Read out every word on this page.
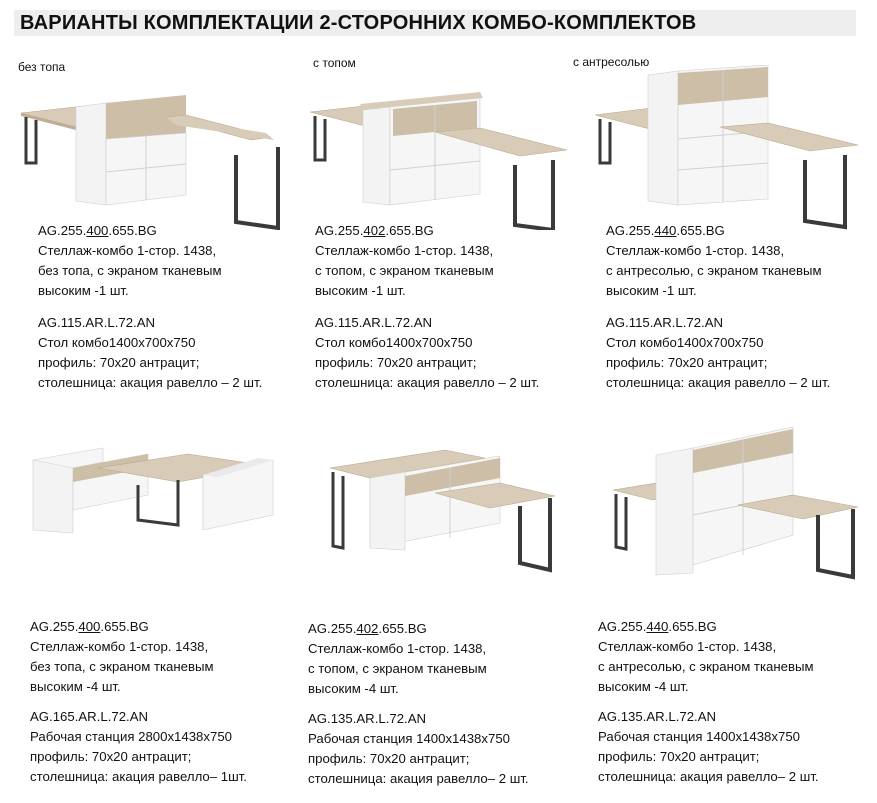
ВАРИАНТЫ КОМПЛЕКТАЦИИ 2-СТОРОННИХ КОМБО-КОМПЛЕКТОВ
без топа	с топом	с антресолью
AG.255.400.655.BG
Стеллаж-комбо 1-стор. 1438,
без топа, с экраном тканевым
высоким -1 шт.
AG.115.AR.L.72.AN
Стол комбо1400х700х750
профиль: 70х20 антрацит;
столешница: акация равелло – 2 шт.
AG.255.402.655.BG
Стеллаж-комбо 1-стор. 1438,
с топом, с экраном тканевым
высоким -1 шт.
AG.115.AR.L.72.AN
Стол комбо1400х700х750
профиль: 70х20 антрацит;
столешница: акация равелло – 2 шт.
AG.255.440.655.BG
Стеллаж-комбо 1-стор. 1438,
с антресолью, с экраном тканевым
высоким -1 шт.
AG.115.AR.L.72.AN
Стол комбо1400х700х750
профиль: 70х20 антрацит;
столешница: акация равелло – 2 шт.
AG.255.400.655.BG
Стеллаж-комбо 1-стор. 1438,
без топа, с экраном тканевым
высоким -4 шт.
AG.165.AR.L.72.AN
Рабочая станция 2800х1438х750
профиль: 70х20 антрацит;
столешница: акация равелло– 1шт.
AG.255.402.655.BG
Стеллаж-комбо 1-стор. 1438,
с топом, с экраном тканевым
высоким -4 шт.
AG.135.AR.L.72.AN
Рабочая станция 1400х1438х750
профиль: 70х20 антрацит;
столешница: акация равелло– 2 шт.
AG.255.440.655.BG
Стеллаж-комбо 1-стор. 1438,
с антресолью, с экраном тканевым
высоким -4 шт.
AG.135.AR.L.72.AN
Рабочая станция 1400х1438х750
профиль: 70х20 антрацит;
столешница: акация равелло– 2 шт.
